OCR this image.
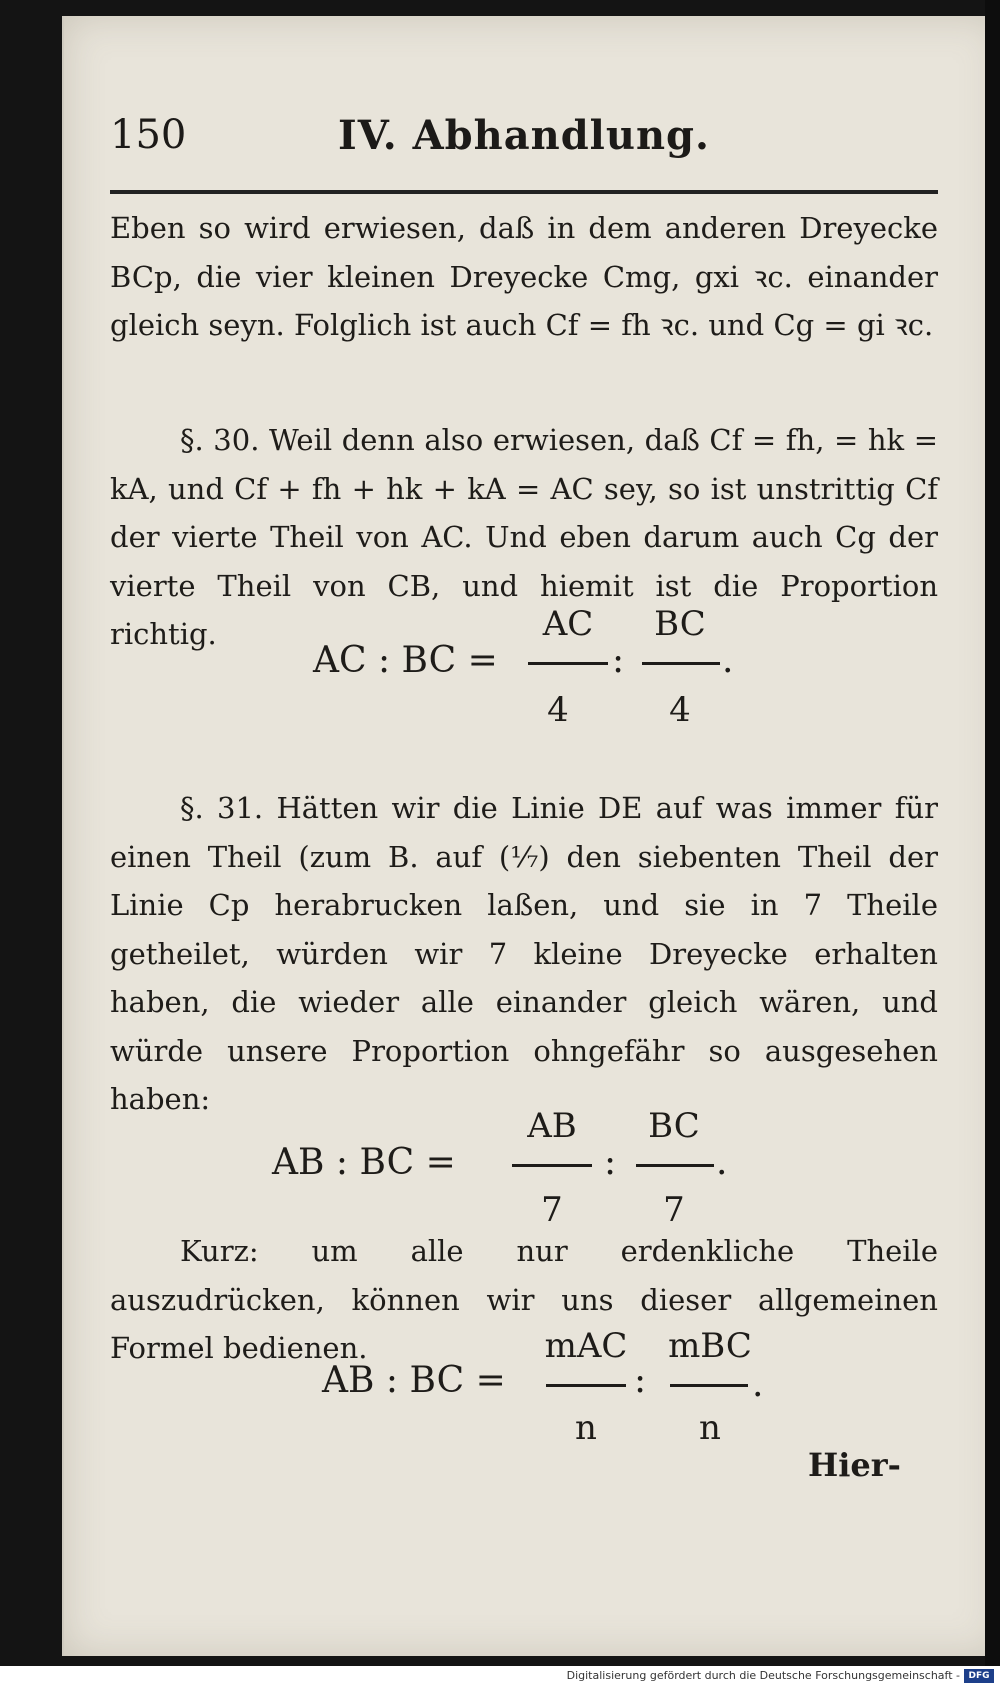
150	IV. Abhandlung.
Eben so wird erwiesen, daß in dem anderen Dreyecke BCp, die vier kleinen Dreyecke Cmg, gxi ꝛc. einander gleich seyn. Folglich ist auch Cf = fh ꝛc. und Cg = gi ꝛc.
§. 30. Weil denn also erwiesen, daß Cf = fh, = hk = kA, und Cf + fh + hk + kA = AC sey, so ist unstrittig Cf der vierte Theil von AC. Und eben darum auch Cg der vierte Theil von CB, und hiemit ist die Proportion richtig.
AC : BC =
AC
4
:
BC
4
.
§. 31. Hätten wir die Linie DE auf was immer für einen Theil (zum B. auf (¹⁄₇) den siebenten Theil der Linie Cp herabrucken laßen, und sie in 7 Theile getheilet, würden wir 7 kleine Dreyecke erhalten haben, die wieder alle einander gleich wären, und würde unsere Proportion ohngefähr so ausgesehen haben:
AB : BC =
AB
7
:
BC
7
.
Kurz: um alle nur erdenkliche Theile auszudrücken, können wir uns dieser allgemeinen Formel bedienen.
AB : BC =
mAC
n
:
mBC
n
.
Hier-
Digitalisierung gefördert durch die Deutsche Forschungsgemeinschaft - DFG
